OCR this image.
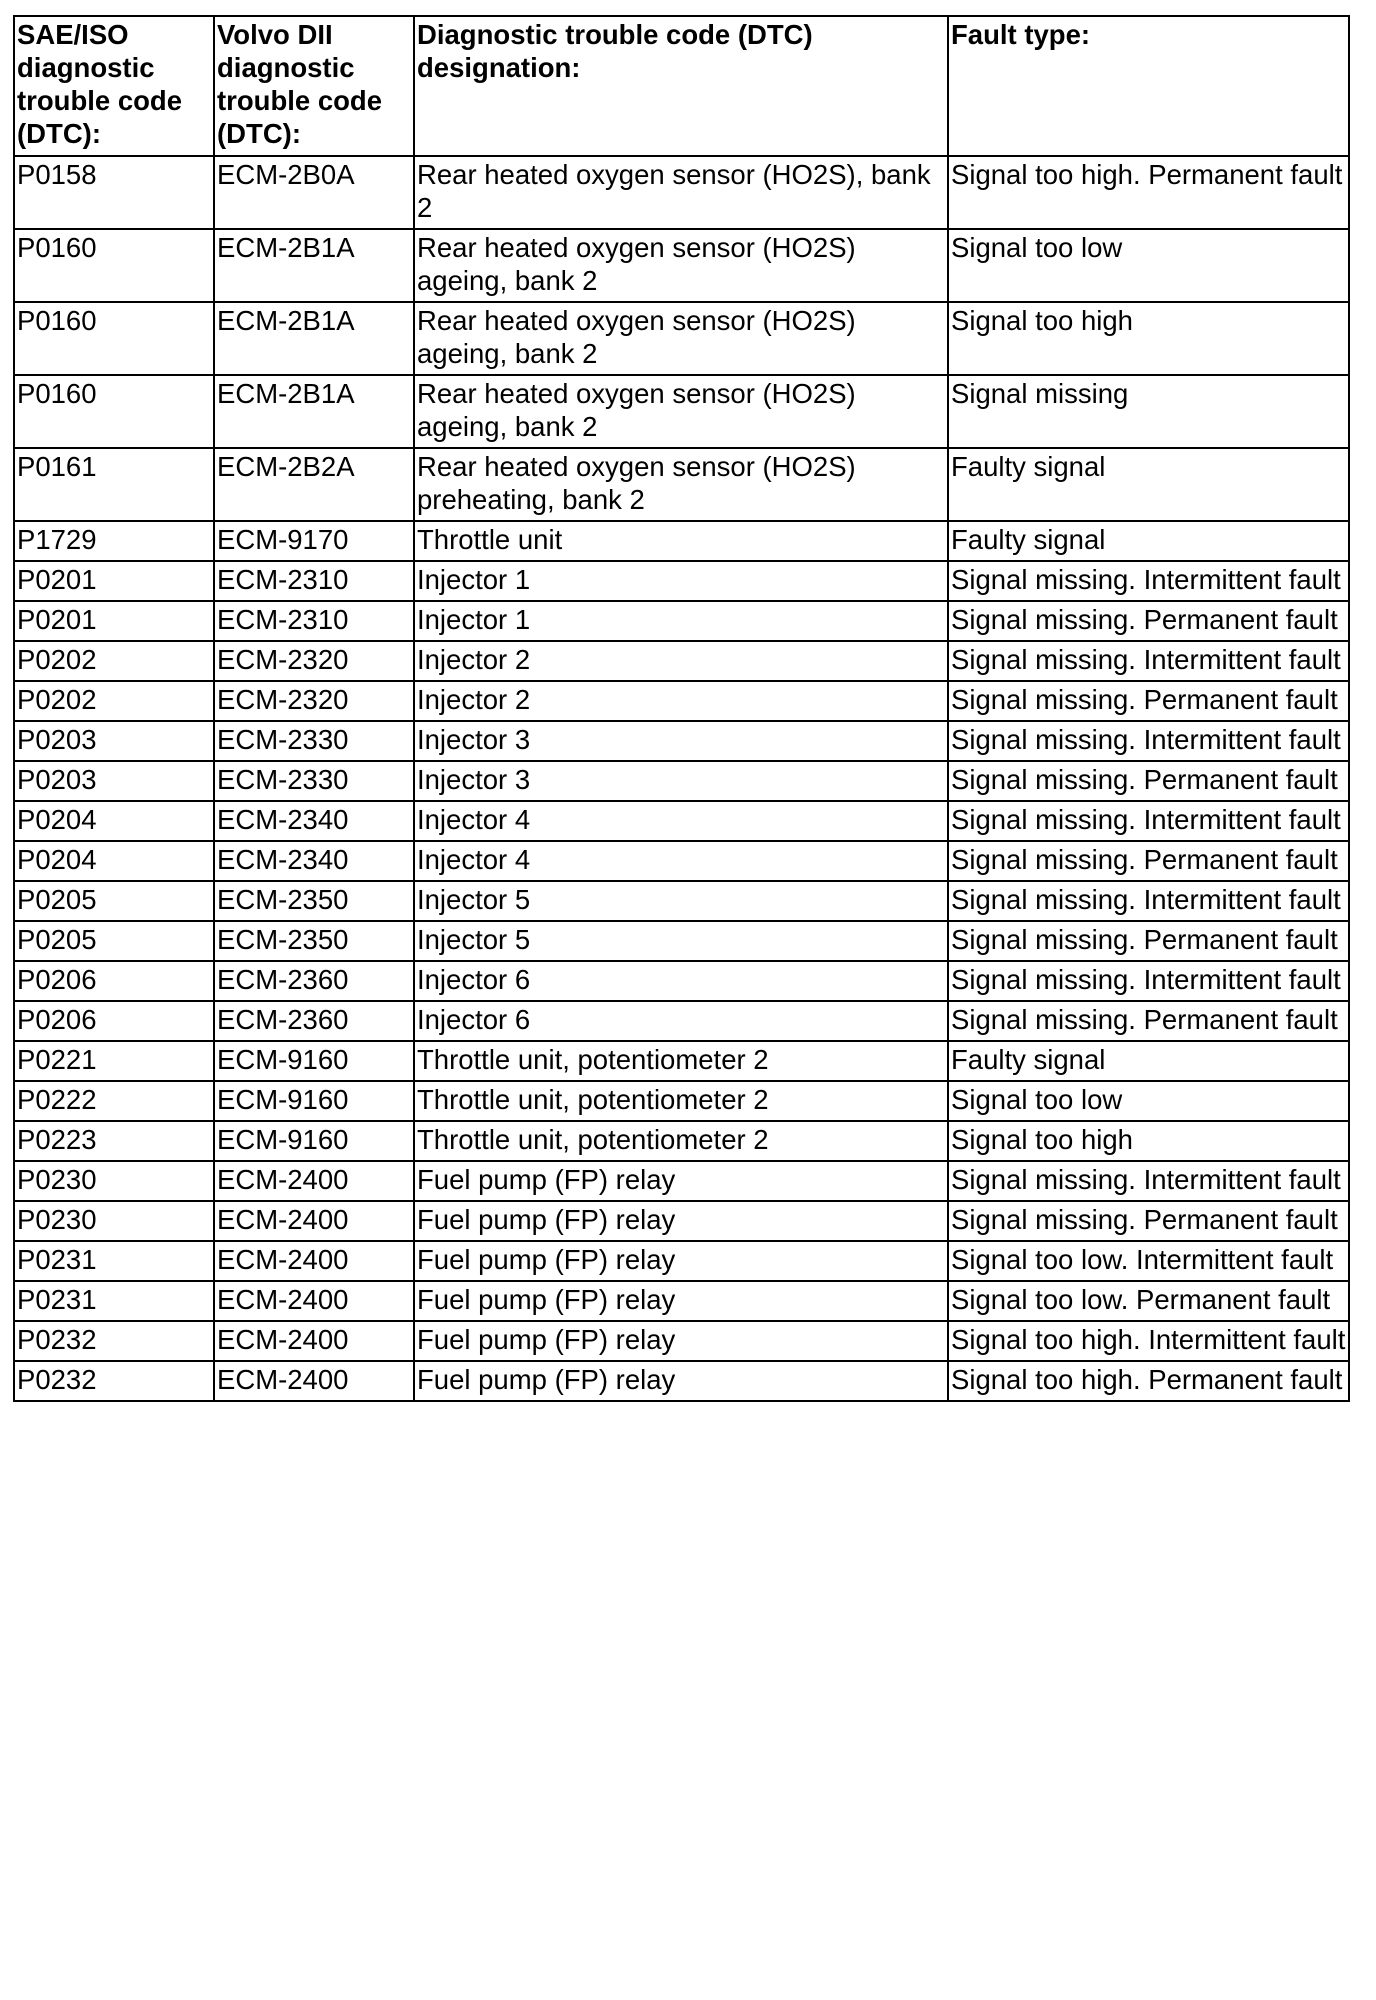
SAE/ISO diagnostic trouble code (DTC):	Volvo DII diagnostic trouble code (DTC):	Diagnostic trouble code (DTC) designation:	Fault type:
P0158	ECM-2B0A	Rear heated oxygen sensor (HO2S), bank 2	Signal too high. Permanent fault
P0160	ECM-2B1A	Rear heated oxygen sensor (HO2S) ageing, bank 2	Signal too low
P0160	ECM-2B1A	Rear heated oxygen sensor (HO2S) ageing, bank 2	Signal too high
P0160	ECM-2B1A	Rear heated oxygen sensor (HO2S) ageing, bank 2	Signal missing
P0161	ECM-2B2A	Rear heated oxygen sensor (HO2S) preheating, bank 2	Faulty signal
P1729	ECM-9170	Throttle unit	Faulty signal
P0201	ECM-2310	Injector 1	Signal missing. Intermittent fault
P0201	ECM-2310	Injector 1	Signal missing. Permanent fault
P0202	ECM-2320	Injector 2	Signal missing. Intermittent fault
P0202	ECM-2320	Injector 2	Signal missing. Permanent fault
P0203	ECM-2330	Injector 3	Signal missing. Intermittent fault
P0203	ECM-2330	Injector 3	Signal missing. Permanent fault
P0204	ECM-2340	Injector 4	Signal missing. Intermittent fault
P0204	ECM-2340	Injector 4	Signal missing. Permanent fault
P0205	ECM-2350	Injector 5	Signal missing. Intermittent fault
P0205	ECM-2350	Injector 5	Signal missing. Permanent fault
P0206	ECM-2360	Injector 6	Signal missing. Intermittent fault
P0206	ECM-2360	Injector 6	Signal missing. Permanent fault
P0221	ECM-9160	Throttle unit, potentiometer 2	Faulty signal
P0222	ECM-9160	Throttle unit, potentiometer 2	Signal too low
P0223	ECM-9160	Throttle unit, potentiometer 2	Signal too high
P0230	ECM-2400	Fuel pump (FP) relay	Signal missing. Intermittent fault
P0230	ECM-2400	Fuel pump (FP) relay	Signal missing. Permanent fault
P0231	ECM-2400	Fuel pump (FP) relay	Signal too low. Intermittent fault
P0231	ECM-2400	Fuel pump (FP) relay	Signal too low. Permanent fault
P0232	ECM-2400	Fuel pump (FP) relay	Signal too high. Intermittent fault
P0232	ECM-2400	Fuel pump (FP) relay	Signal too high. Permanent fault
